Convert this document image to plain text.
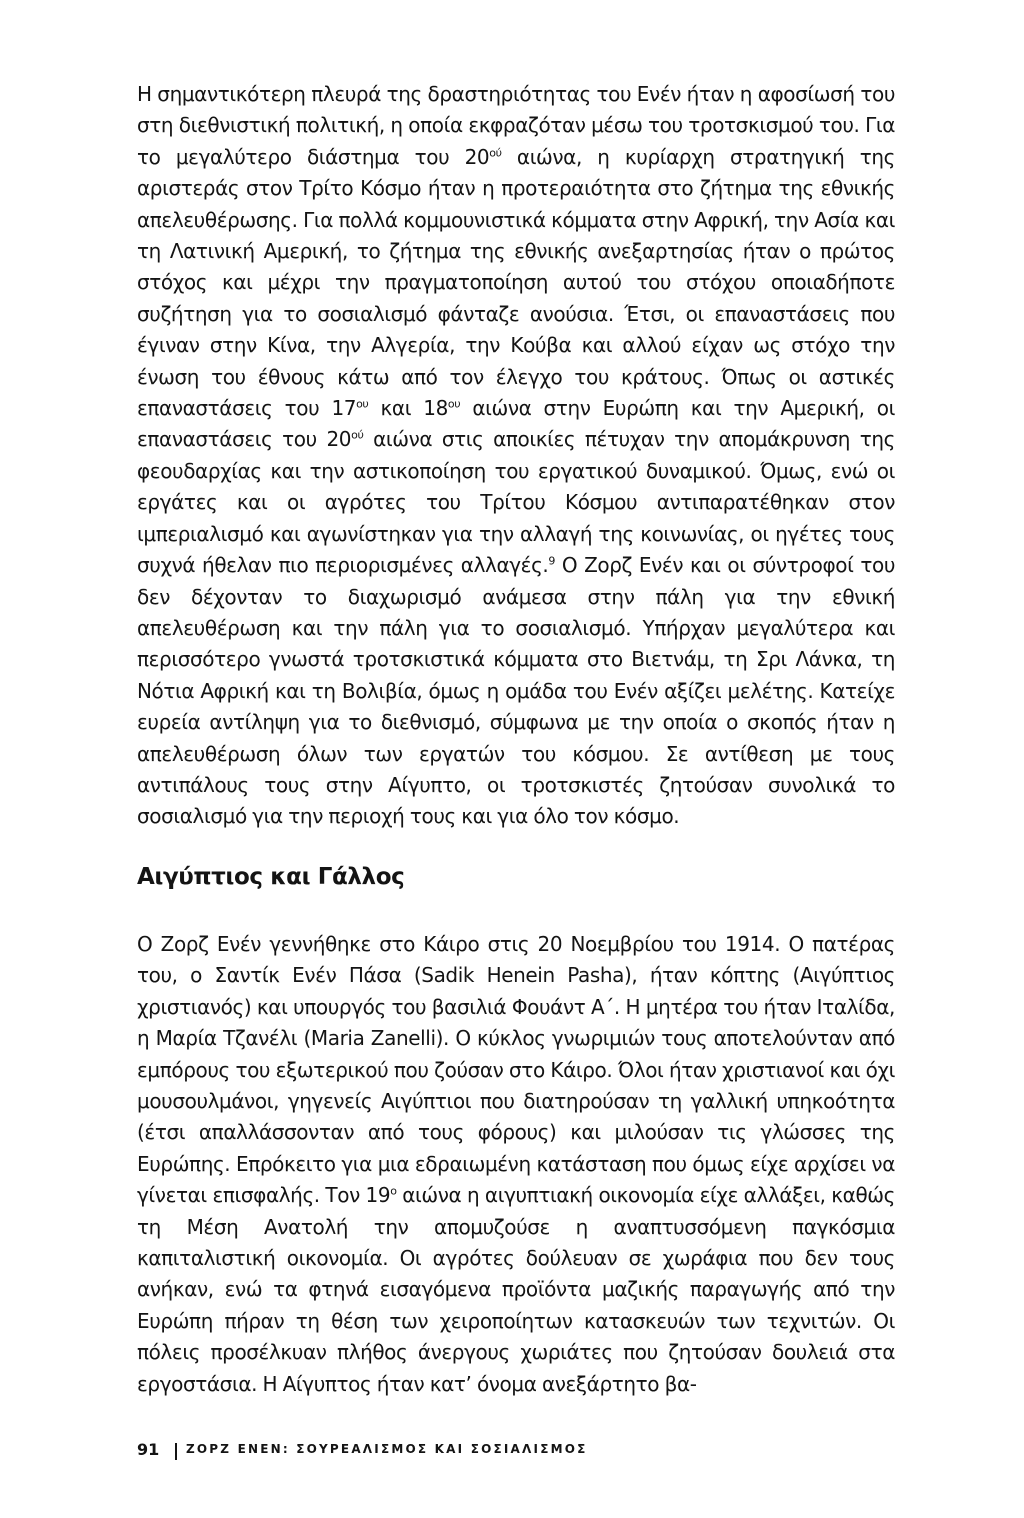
Η σημαντικότερη πλευρά της δραστηριότητας του Ενέν ήταν η αφοσίωσή του στη διεθνιστική πολιτική, η οποία εκφραζόταν μέσω του τροτσκισμού του. Για το μεγαλύτερο διάστημα του $20^{oύ}$ αιώνα, η κυρίαρχη στρατηγική της αριστεράς στον Τρίτο Κόσμο ήταν η προτεραιότητα στο ζήτημα της εθνικής απελευθέρωσης. Για πολλά κομμουνιστικά κόμματα στην Αφρική, την Ασία και τη Λατινική Αμερική, το ζήτημα της εθνικής ανεξαρτησίας ήταν ο πρώτος στόχος και μέχρι την πραγματοποίηση αυτού του στόχου οποιαδήποτε συζήτηση για το σοσιαλισμό φάνταζε ανούσια. Έτσι, οι επαναστάσεις που έγιναν στην Κίνα, την Αλγερία, την Κούβα και αλλού είχαν ως στόχο την ένωση του έθνους κάτω από τον έλεγχο του κράτους. Όπως οι αστικές επαναστάσεις του $17^{o\upsilon}$ και $18^{o\upsilon}$ αιώνα στην Ευρώπη και την Αμερική, οι επαναστάσεις του $20^{oύ}$ αιώνα στις αποικίες πέτυχαν την απομάκρυνση της φεουδαρχίας και την αστικοποίηση του εργατικού δυναμικού. Όμως, ενώ οι εργάτες και οι αγρότες του Τρίτου Κόσμου αντιπαρατέθηκαν στον ιμπεριαλισμό και αγωνίστηκαν για την αλλαγή της κοινωνίας, οι ηγέτες τους συχνά ήθελαν πιο περιορισμένες αλλαγές.$^9$ Ο Ζορζ Ενέν και οι σύντροφοί του δεν δέχονταν το διαχωρισμό ανάμεσα στην πάλη για την εθνική απελευθέρωση και την πάλη για το σοσιαλισμό. Υπήρχαν μεγαλύτερα και περισσότερο γνωστά τροτσκιστικά κόμματα στο Βιετνάμ, τη Σρι Λάνκα, τη Νότια Αφρική και τη Βολιβία, όμως η ομάδα του Ενέν αξίζει μελέτης. Κατείχε ευρεία αντίληψη για το διεθνισμό, σύμφωνα με την οποία ο σκοπός ήταν η απελευθέρωση όλων των εργατών του κόσμου. Σε αντίθεση με τους αντιπάλους τους στην Αίγυπτο, οι τροτσκιστές ζητούσαν συνολικά το σοσιαλισμό για την περιοχή τους και για όλο τον κόσμο.

Αιγύπτιος και Γάλλος

Ο Ζορζ Ενέν γεννήθηκε στο Κάιρο στις 20 Νοεμβρίου του 1914. Ο πατέρας του, ο Σαντίκ Ενέν Πάσα (Sadik Henein Pasha), ήταν κόπτης (Αιγύπτιος χριστιανός) και υπουργός του βασιλιά Φουάντ Α΄. Η μητέρα του ήταν Ιταλίδα, η Μαρία Τζανέλι (Maria Zanelli). Ο κύκλος γνωριμιών τους αποτελούνταν από εμπόρους του εξωτερικού που ζούσαν στο Κάιρο. Όλοι ήταν χριστιανοί και όχι μουσουλμάνοι, γηγενείς Αιγύπτιοι που διατηρούσαν τη γαλλική υπηκοότητα (έτσι απαλλάσσονταν από τους φόρους) και μιλούσαν τις γλώσσες της Ευρώπης. Επρόκειτο για μια εδραιωμένη κατάσταση που όμως είχε αρχίσει να γίνεται επισφαλής. Τον $19^o$ αιώνα η αιγυπτιακή οικονομία είχε αλλάξει, καθώς τη Μέση Ανατολή την απομυζούσε η αναπτυσσόμενη παγκόσμια καπιταλιστική οικονομία. Οι αγρότες δούλευαν σε χωράφια που δεν τους ανήκαν, ενώ τα φτηνά εισαγόμενα προϊόντα μαζικής παραγωγής από την Ευρώπη πήραν τη θέση των χειροποίητων κατασκευών των τεχνιτών. Οι πόλεις προσέλκυαν πλήθος άνεργους χωριάτες που ζητούσαν δουλειά στα εργοστάσια. Η Αίγυπτος ήταν κατ’ όνομα ανεξάρτητο βα-

91 ΖΟΡΖ ΕΝΕΝ: ΣΟΥΡΕΑΛΙΣΜΟΣ ΚΑΙ ΣΟΣΙΑΛΙΣΜΟΣ
